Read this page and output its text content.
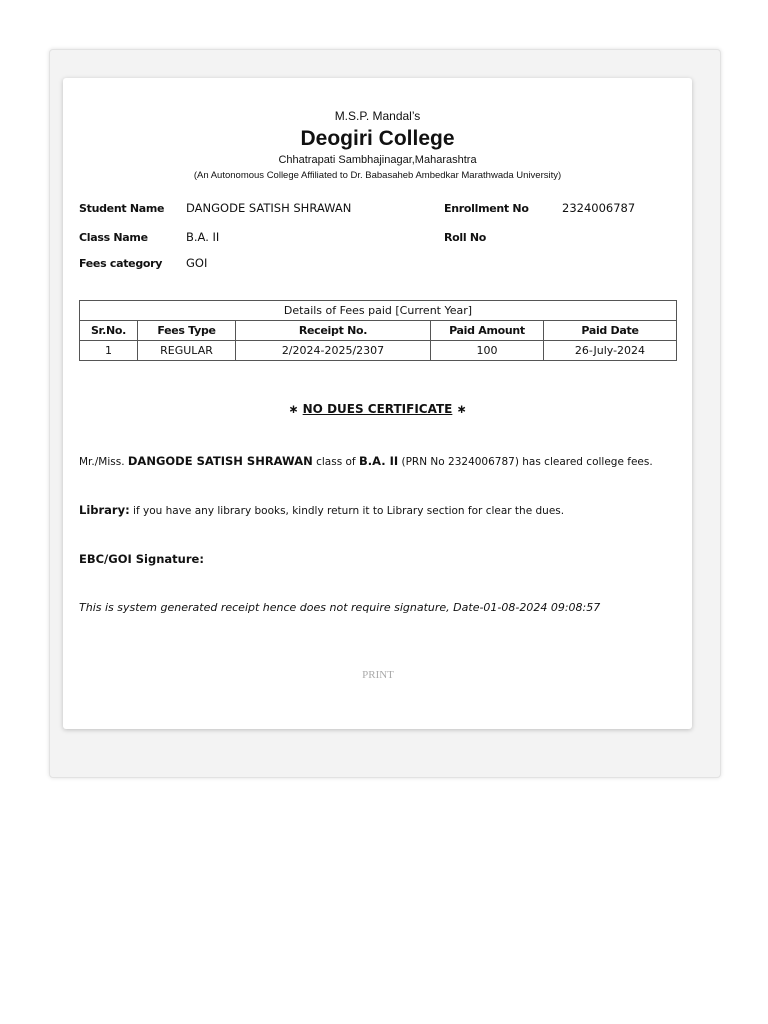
M.S.P. Mandal’s
Deogiri College
Chhatrapati Sambhajinagar,Maharashtra
(An Autonomous College Affiliated to Dr. Babasaheb Ambedkar Marathwada University)
Student Name DANGODE SATISH SHRAWAN	Enrollment No	2324006787
Class Name	B.A. II	Roll No
Fees category GOI
Details of Fees paid [Current Year]				
Sr.No.	Fees Type	Receipt No.	Paid Amount	Paid Date
1	REGULAR	2/2024-2025/2307	100	26-July-2024
∗ NO DUES CERTIFICATE ∗
Mr./Miss. DANGODE SATISH SHRAWAN class of B.A. II (PRN No 2324006787) has cleared college fees.
Library: if you have any library books, kindly return it to Library section for clear the dues.
EBC/GOI Signature:
This is system generated receipt hence does not require signature, Date-01-08-2024 09:08:57
PRINT
